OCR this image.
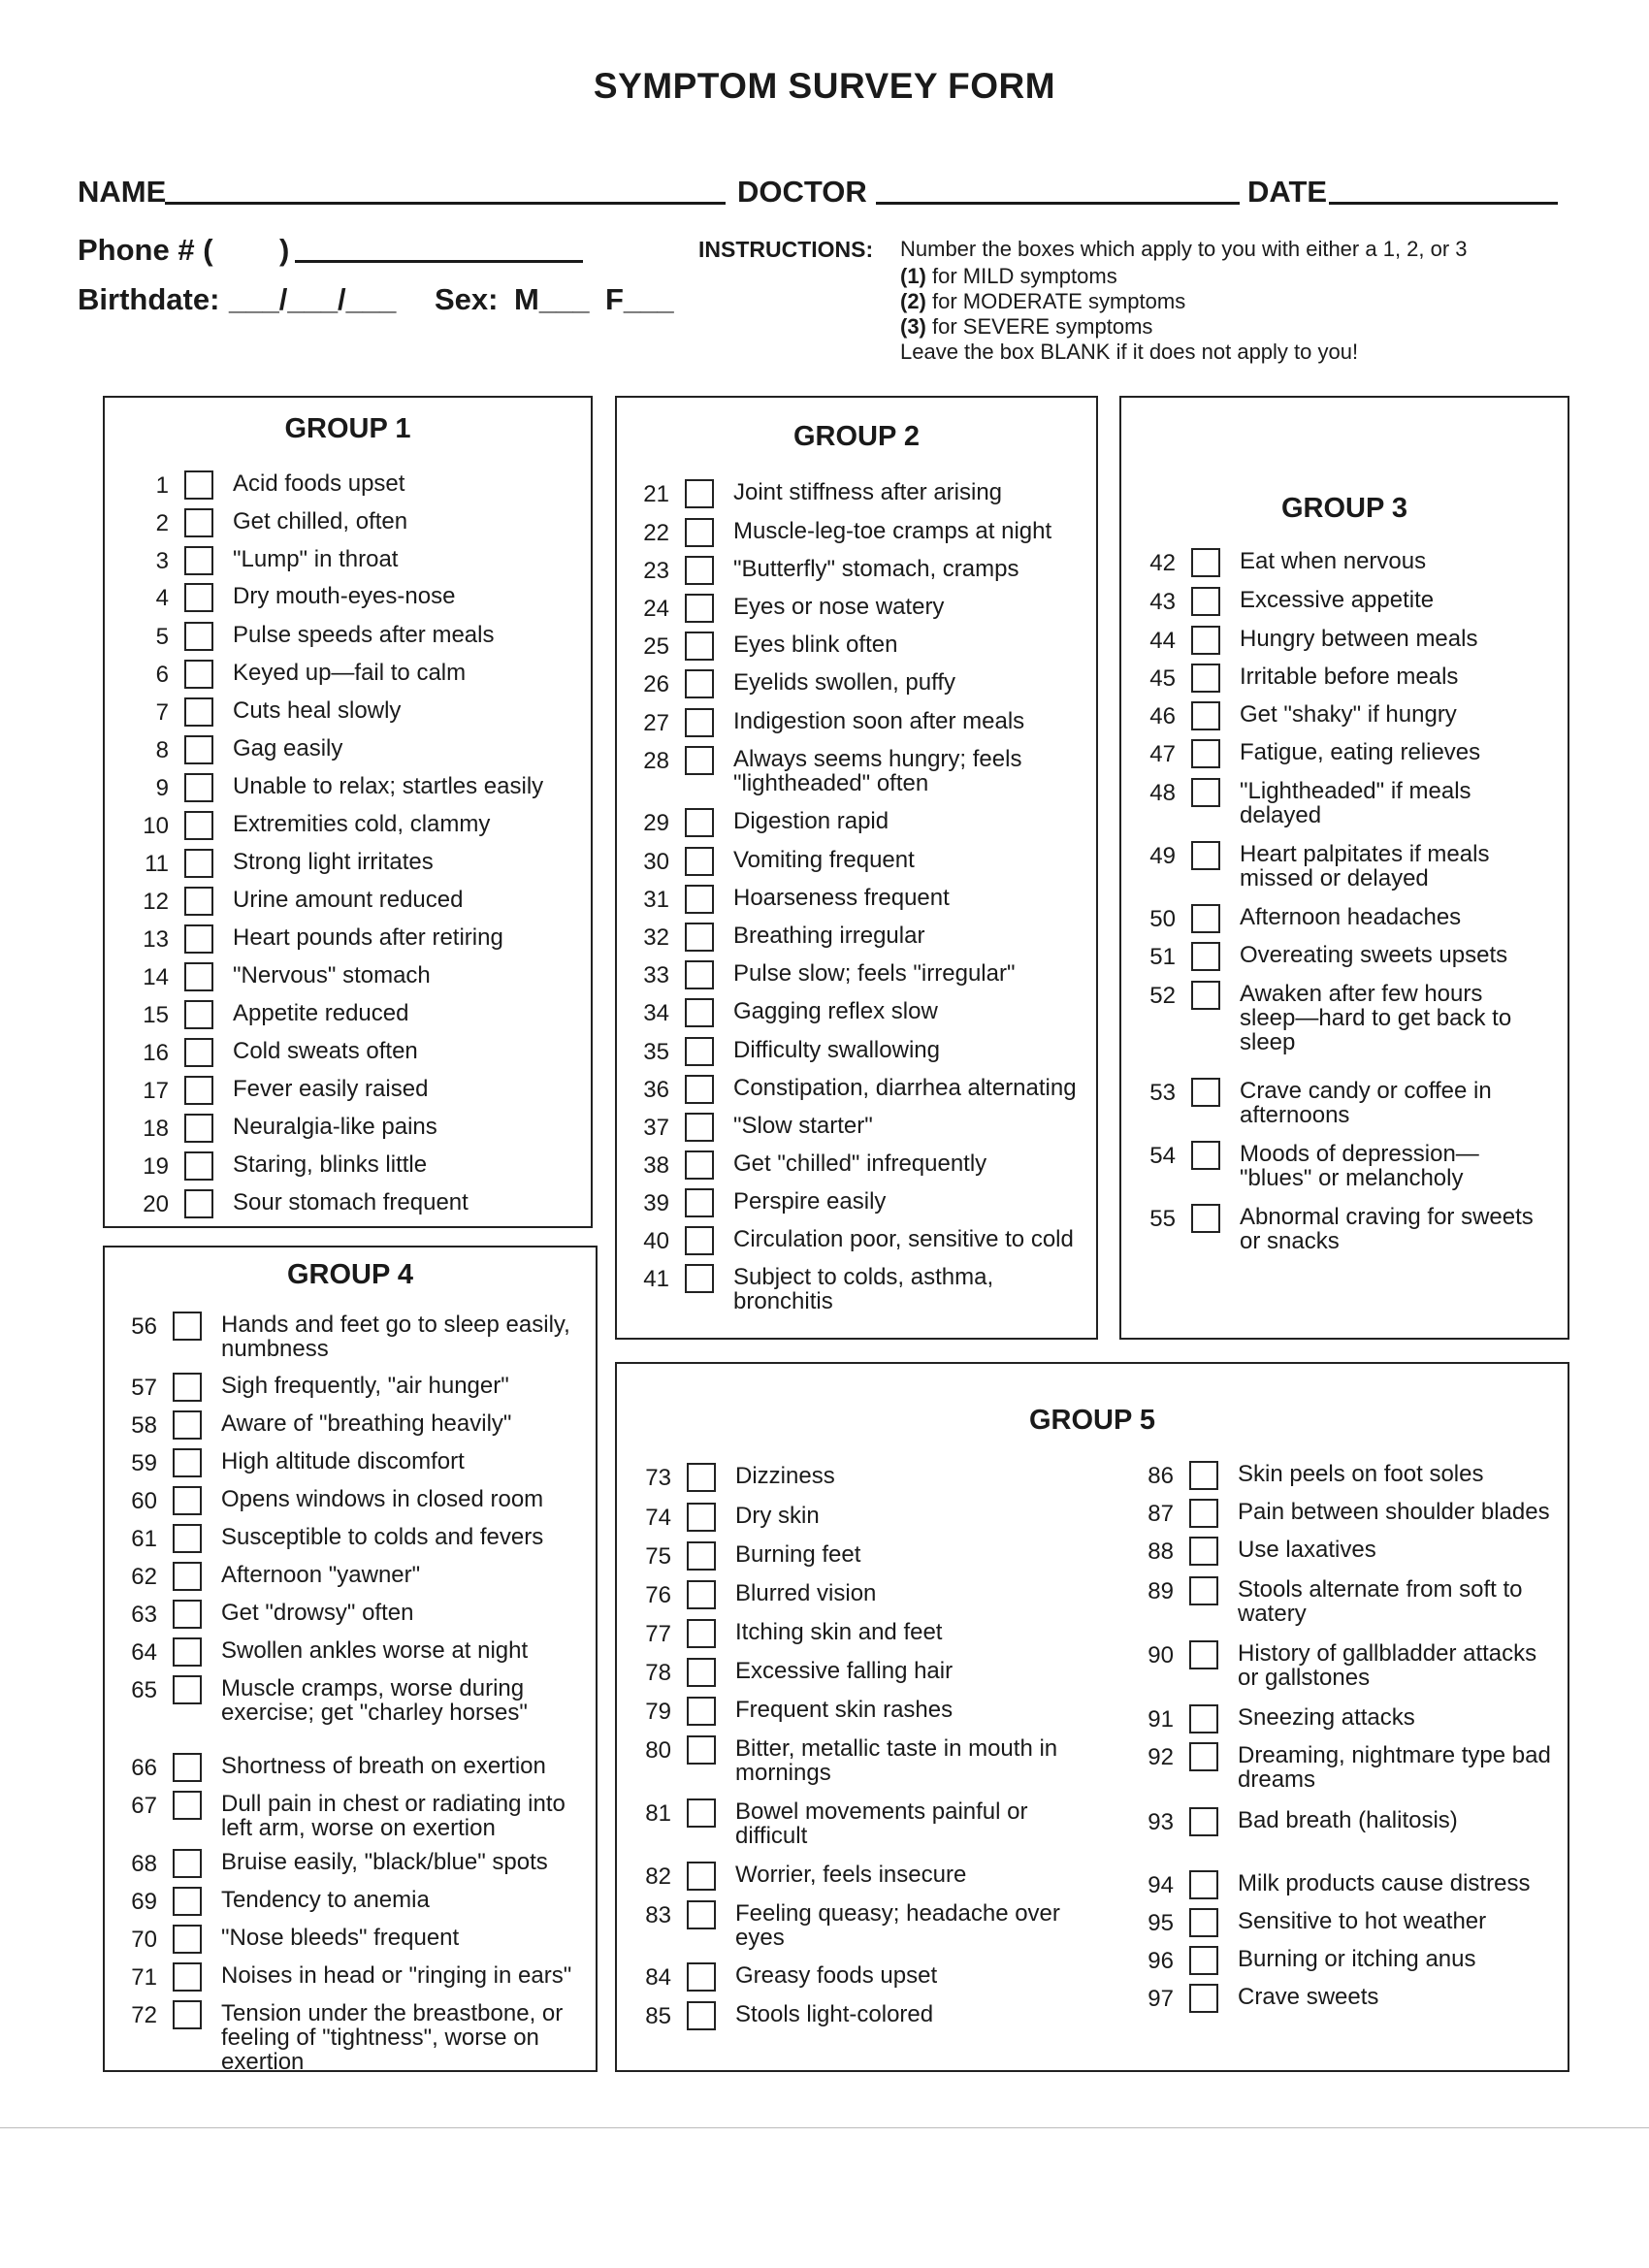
SYMPTOM SURVEY FORM
NAME	DOCTOR	DATE
Phone # ( )
Birthdate: ___/___/___ Sex: M___ F___
INSTRUCTIONS: Number the boxes which apply to you with either a 1, 2, or 3
(1) for MILD symptoms
(2) for MODERATE symptoms
(3) for SEVERE symptoms
Leave the box BLANK if it does not apply to you!
GROUP 1
1	Acid foods upset
2	Get chilled, often
3	"Lump" in throat
4	Dry mouth-eyes-nose
5	Pulse speeds after meals
6	Keyed up—fail to calm
7	Cuts heal slowly
8	Gag easily
9	Unable to relax; startles easily
10	Extremities cold, clammy
11	Strong light irritates
12	Urine amount reduced
13	Heart pounds after retiring
14	"Nervous" stomach
15	Appetite reduced
16	Cold sweats often
17	Fever easily raised
18	Neuralgia-like pains
19	Staring, blinks little
20	Sour stomach frequent
GROUP 2
21	Joint stiffness after arising
22	Muscle-leg-toe cramps at night
23	"Butterfly" stomach, cramps
24	Eyes or nose watery
25	Eyes blink often
26	Eyelids swollen, puffy
27	Indigestion soon after meals
28	Always seems hungry; feels
"lightheaded" often
29	Digestion rapid
30	Vomiting frequent
31	Hoarseness frequent
32	Breathing irregular
33	Pulse slow; feels "irregular"
34	Gagging reflex slow
35	Difficulty swallowing
36	Constipation, diarrhea alternating
37	"Slow starter"
38	Get "chilled" infrequently
39	Perspire easily
40	Circulation poor, sensitive to cold
41	Subject to colds, asthma,
bronchitis
GROUP 3
42	Eat when nervous
43	Excessive appetite
44	Hungry between meals
45	Irritable before meals
46	Get "shaky" if hungry
47	Fatigue, eating relieves
48	"Lightheaded" if meals
delayed
49	Heart palpitates if meals
missed or delayed
50	Afternoon headaches
51	Overeating sweets upsets
52	Awaken after few hours
sleep—hard to get back to
sleep
53	Crave candy or coffee in
afternoons
54	Moods of depression—
"blues" or melancholy
55	Abnormal craving for sweets
or snacks
GROUP 4
56	Hands and feet go to sleep easily,
numbness
57	Sigh frequently, "air hunger"
58	Aware of "breathing heavily"
59	High altitude discomfort
60	Opens windows in closed room
61	Susceptible to colds and fevers
62	Afternoon "yawner"
63	Get "drowsy" often
64	Swollen ankles worse at night
65	Muscle cramps, worse during
exercise; get "charley horses"
66	Shortness of breath on exertion
67	Dull pain in chest or radiating into
left arm, worse on exertion
68	Bruise easily, "black/blue" spots
69	Tendency to anemia
70	"Nose bleeds" frequent
71	Noises in head or "ringing in ears"
72	Tension under the breastbone, or
feeling of "tightness", worse on
exertion
GROUP 5
73	Dizziness
74	Dry skin
75	Burning feet
76	Blurred vision
77	Itching skin and feet
78	Excessive falling hair
79	Frequent skin rashes
80	Bitter, metallic taste in mouth in
mornings
81	Bowel movements painful or
difficult
82	Worrier, feels insecure
83	Feeling queasy; headache over
eyes
84	Greasy foods upset
85	Stools light-colored
86	Skin peels on foot soles
87	Pain between shoulder blades
88	Use laxatives
89	Stools alternate from soft to
watery
90	History of gallbladder attacks
or gallstones
91	Sneezing attacks
92	Dreaming, nightmare type bad
dreams
93	Bad breath (halitosis)
94	Milk products cause distress
95	Sensitive to hot weather
96	Burning or itching anus
97	Crave sweets
